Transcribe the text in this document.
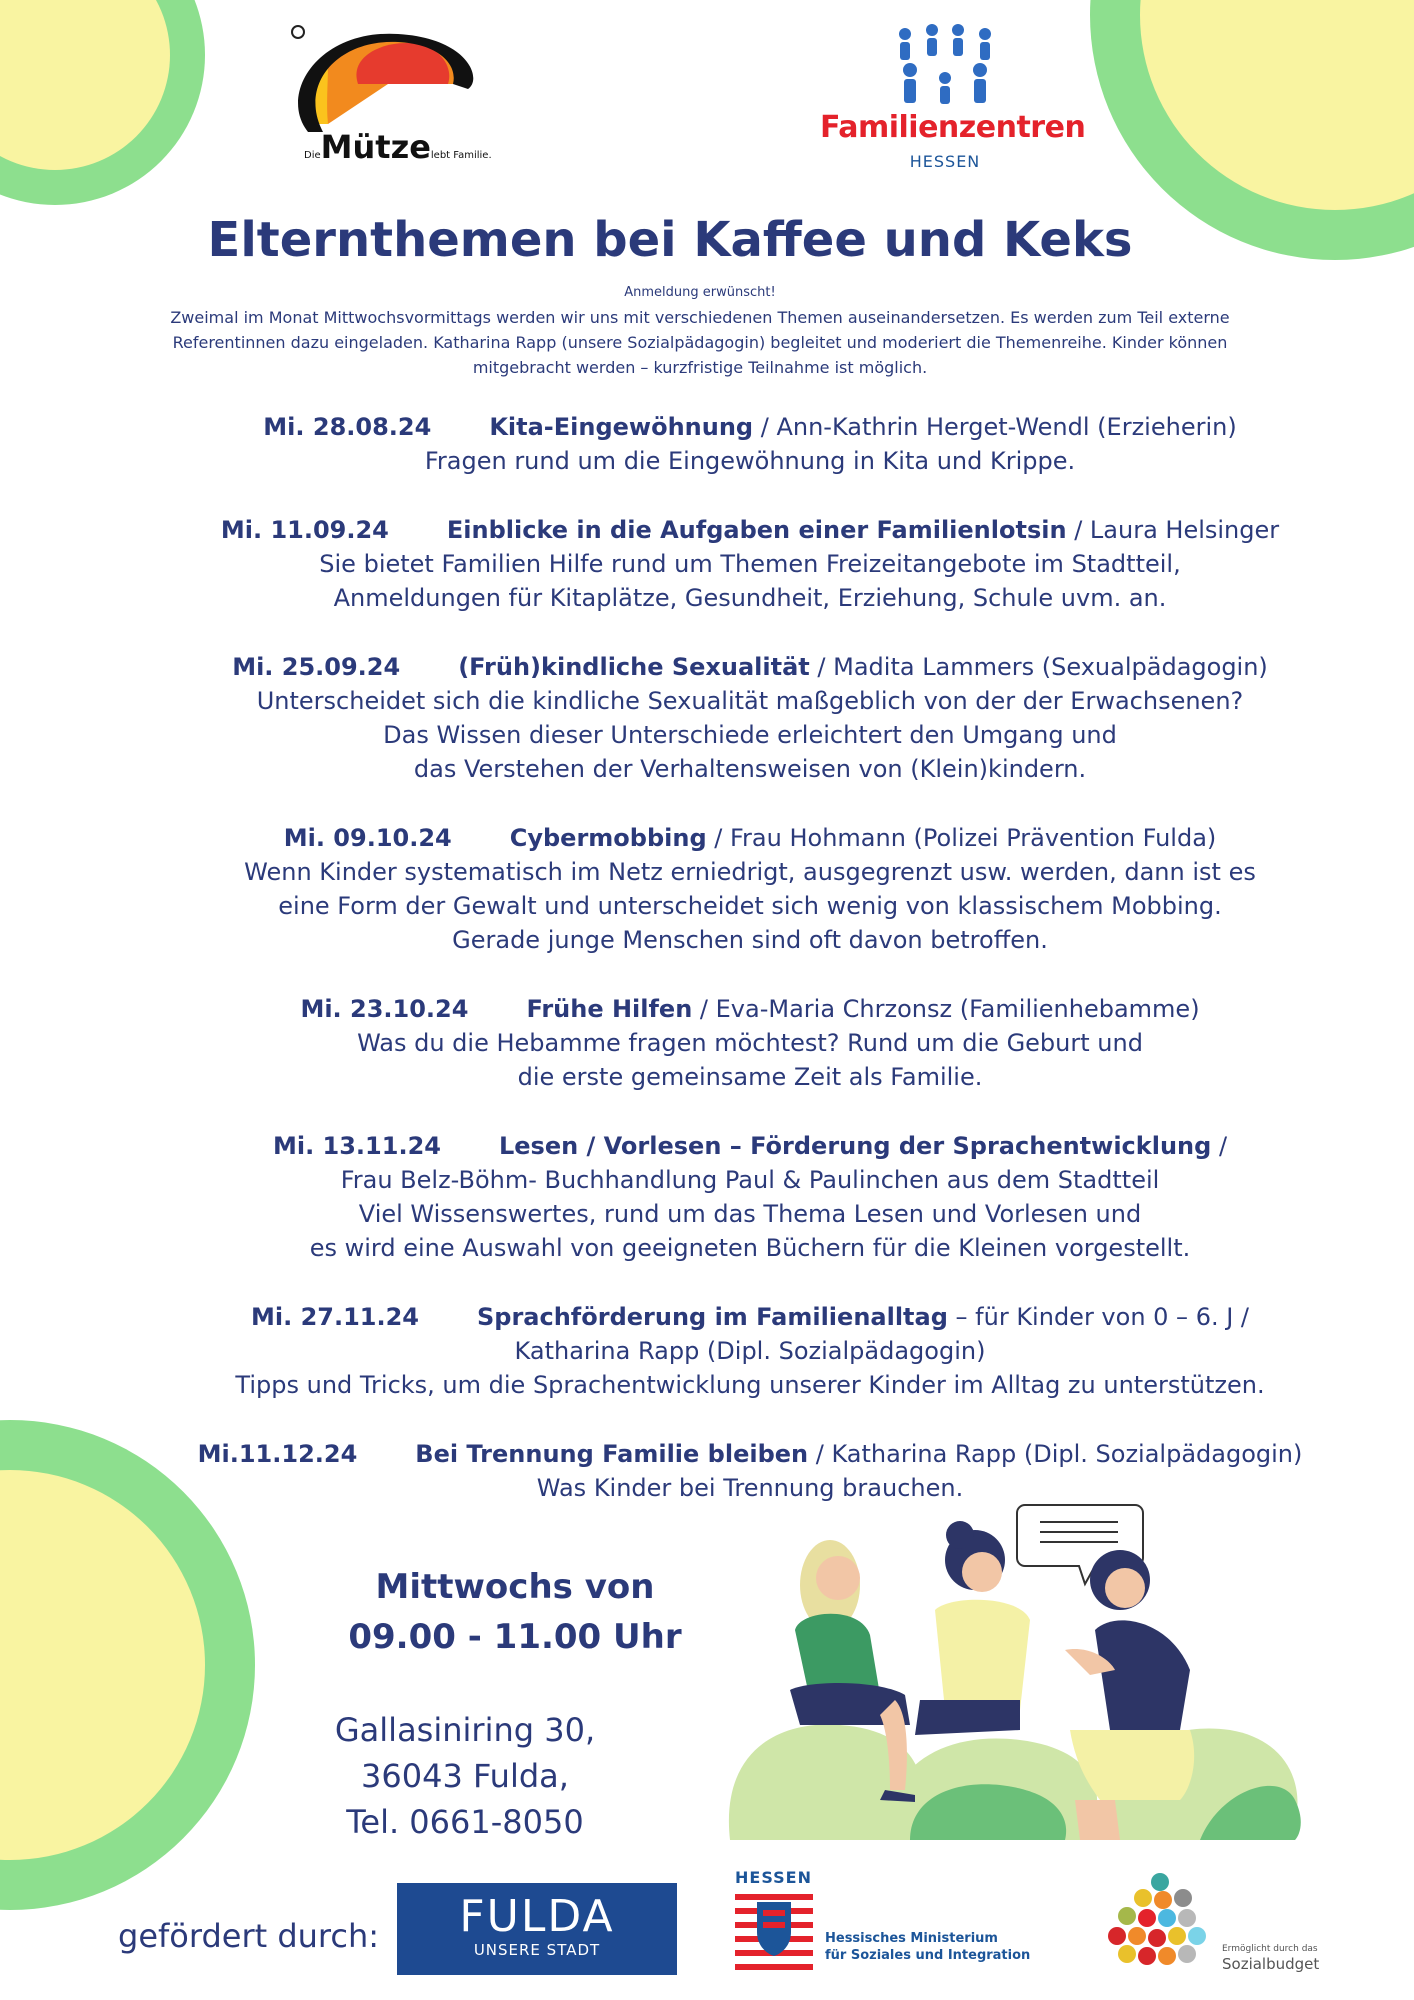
DieMützelebt Familie.
Familienzentren
HESSEN
Elternthemen bei Kaffee und Keks
Anmeldung erwünscht!
Zweimal im Monat Mittwochsvormittags werden wir uns mit verschiedenen Themen auseinandersetzen. Es werden zum Teil externe
Referentinnen dazu eingeladen. Katharina Rapp (unsere Sozialpädagogin) begleitet und moderiert die Themenreihe. Kinder können
mitgebracht werden – kurzfristige Teilnahme ist möglich.
Mi. 28.08.24 Kita-Eingewöhnung / Ann-Kathrin Herget-Wendl (Erzieherin)
Fragen rund um die Eingewöhnung in Kita und Krippe.
Mi. 11.09.24 Einblicke in die Aufgaben einer Familienlotsin / Laura Helsinger
Sie bietet Familien Hilfe rund um Themen Freizeitangebote im Stadtteil,
Anmeldungen für Kitaplätze, Gesundheit, Erziehung, Schule uvm. an.
Mi. 25.09.24 (Früh)kindliche Sexualität / Madita Lammers (Sexualpädagogin)
Unterscheidet sich die kindliche Sexualität maßgeblich von der der Erwachsenen?
Das Wissen dieser Unterschiede erleichtert den Umgang und
das Verstehen der Verhaltensweisen von (Klein)kindern.
Mi. 09.10.24 Cybermobbing / Frau Hohmann (Polizei Prävention Fulda)
Wenn Kinder systematisch im Netz erniedrigt, ausgegrenzt usw. werden, dann ist es
eine Form der Gewalt und unterscheidet sich wenig von klassischem Mobbing.
Gerade junge Menschen sind oft davon betroffen.
Mi. 23.10.24 Frühe Hilfen / Eva-Maria Chrzonsz (Familienhebamme)
Was du die Hebamme fragen möchtest? Rund um die Geburt und
die erste gemeinsame Zeit als Familie.
Mi. 13.11.24 Lesen / Vorlesen – Förderung der Sprachentwicklung /
Frau Belz-Böhm- Buchhandlung Paul & Paulinchen aus dem Stadtteil
Viel Wissenswertes, rund um das Thema Lesen und Vorlesen und
es wird eine Auswahl von geeigneten Büchern für die Kleinen vorgestellt.
Mi. 27.11.24 Sprachförderung im Familienalltag – für Kinder von 0 – 6. J /
Katharina Rapp (Dipl. Sozialpädagogin)
Tipps und Tricks, um die Sprachentwicklung unserer Kinder im Alltag zu unterstützen.
Mi.11.12.24 Bei Trennung Familie bleiben / Katharina Rapp (Dipl. Sozialpädagogin)
Was Kinder bei Trennung brauchen.
Mittwochs von
09.00 - 11.00 Uhr
Gallasiniring 30,
36043 Fulda,
Tel. 0661-8050
gefördert durch:	FULDA
UNSERE STADT
HESSEN
Hessisches Ministerium
für Soziales und Integration	Ermöglicht durch das
Sozialbudget
